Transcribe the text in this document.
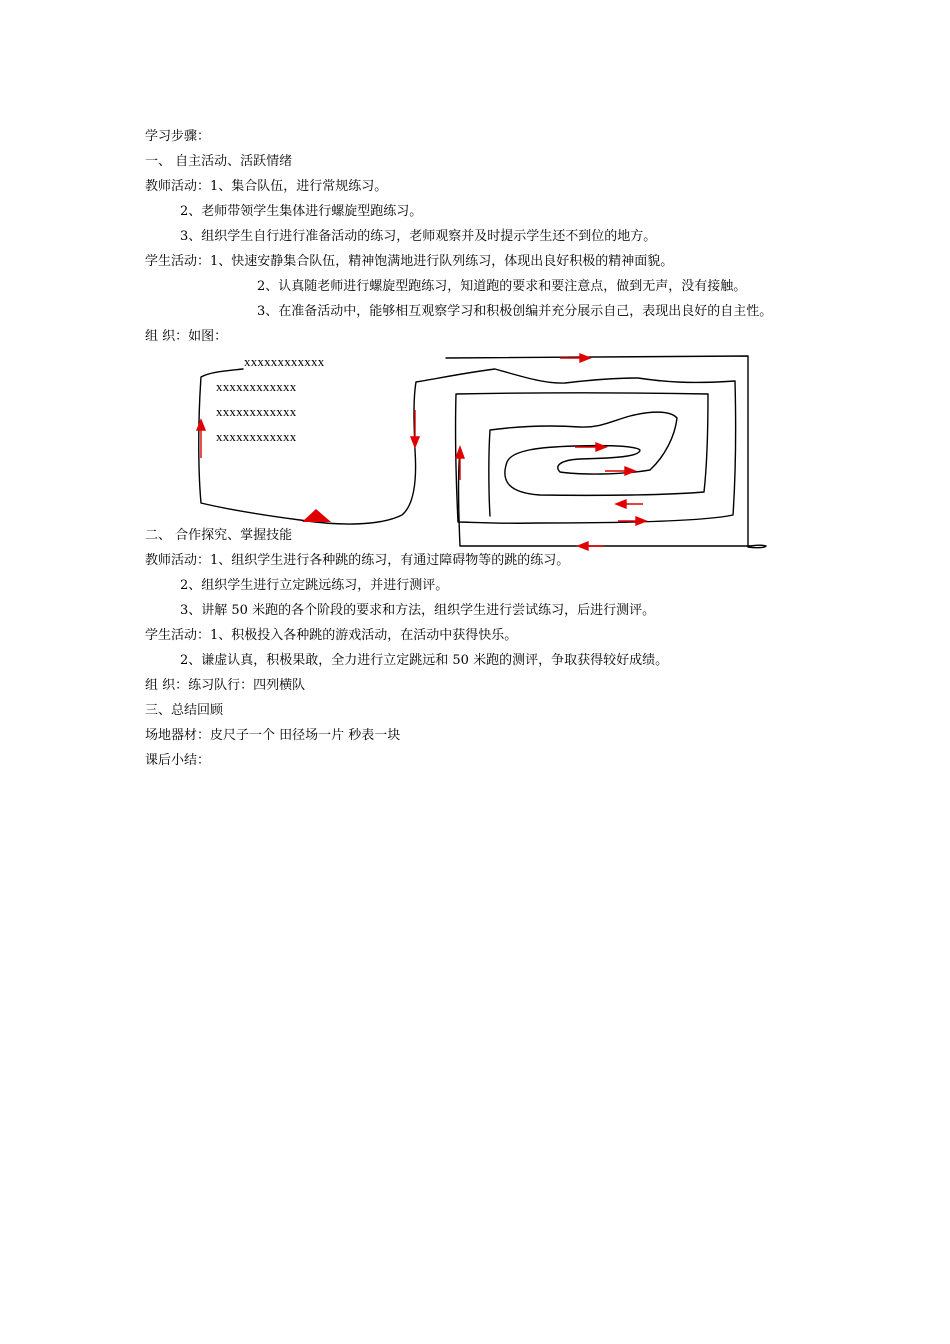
学习步骤：
一、 自主活动、活跃情绪
教师活动：1、集合队伍，进行常规练习。
2、老师带领学生集体进行螺旋型跑练习。
3、组织学生自行进行准备活动的练习，老师观察并及时提示学生还不到位的地方。
学生活动：1、快速安静集合队伍，精神饱满地进行队列练习，体现出良好积极的精神面貌。
2、认真随老师进行螺旋型跑练习，知道跑的要求和要注意点，做到无声，没有接触。
3、在准备活动中，能够相互观察学习和积极创编并充分展示自己，表现出良好的自主性。
组 织：如图：
xxxxxxxxxxxx
xxxxxxxxxxxx
xxxxxxxxxxxx
xxxxxxxxxxxx
二、 合作探究、掌握技能
教师活动：1、组织学生进行各种跳的练习，有通过障碍物等的跳的练习。
2、组织学生进行立定跳远练习，并进行测评。
3、讲解 50 米跑的各个阶段的要求和方法，组织学生进行尝试练习，后进行测评。
学生活动：1、积极投入各种跳的游戏活动，在活动中获得快乐。
2、谦虚认真，积极果敢，全力进行立定跳远和 50 米跑的测评，争取获得较好成绩。
组 织：练习队行：四列横队
三、总结回顾
场地器材：皮尺子一个 田径场一片 秒表一块
课后小结：
